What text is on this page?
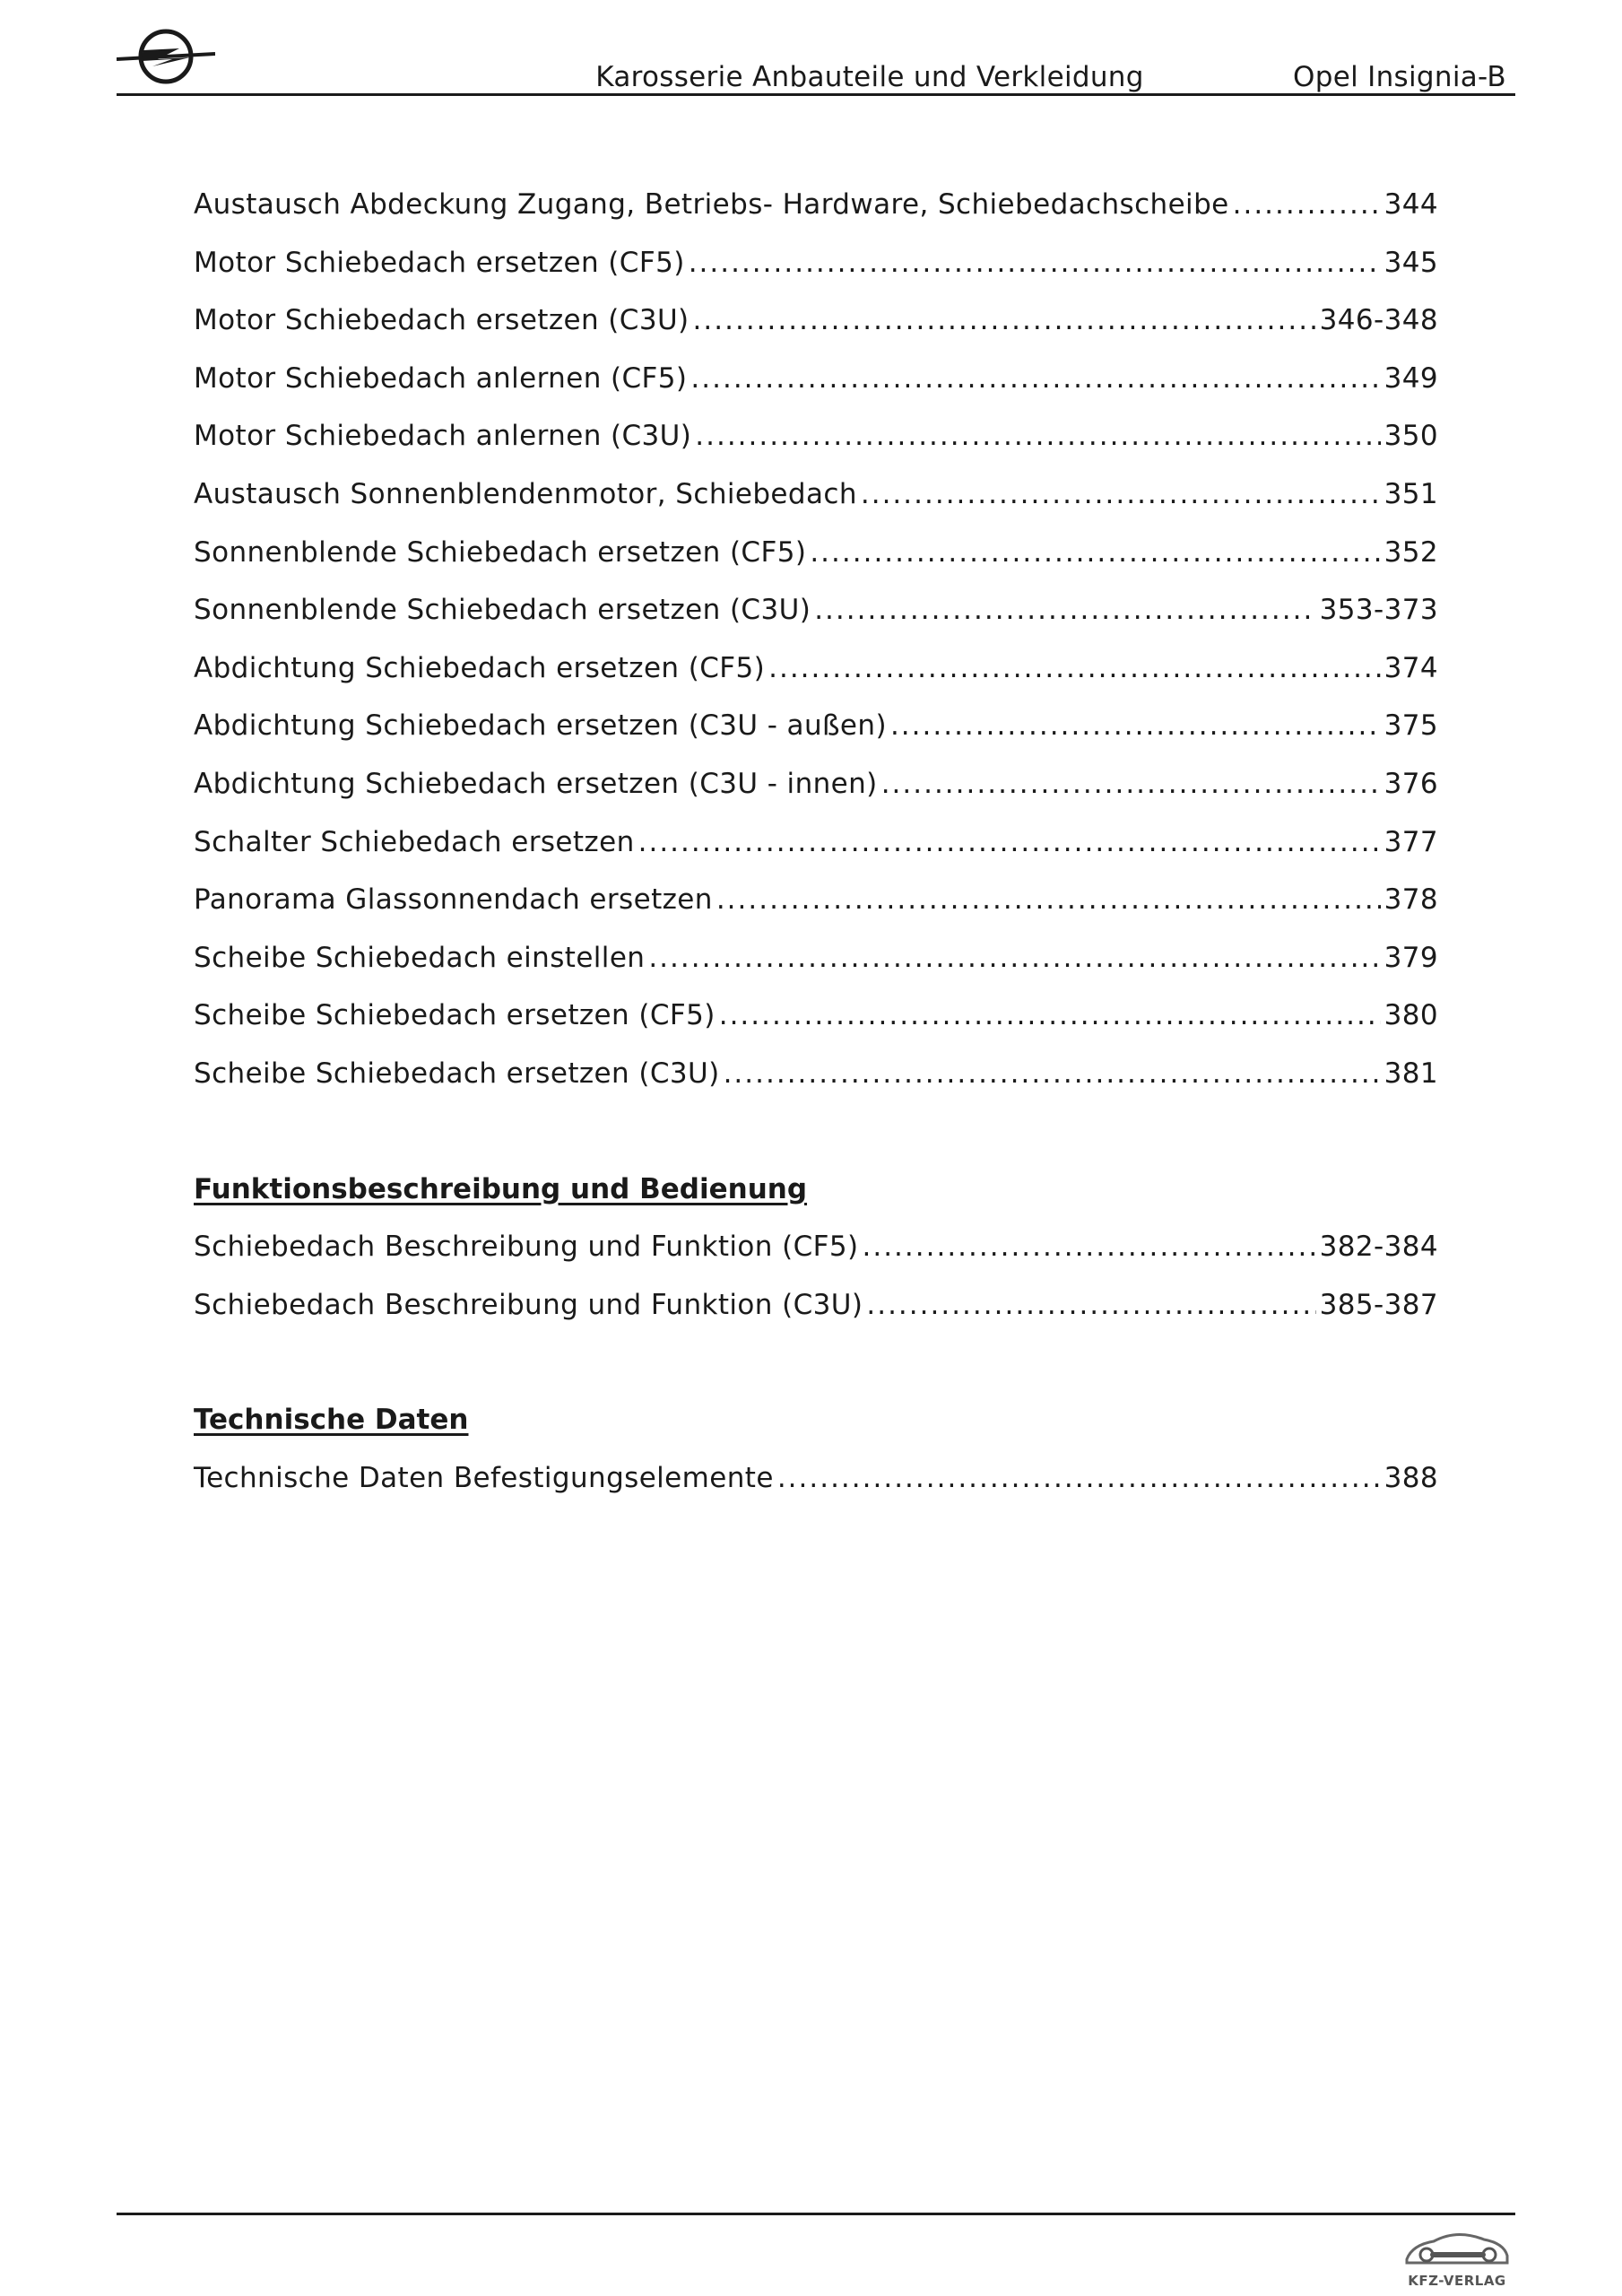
Karosserie Anbauteile und Verkleidung	Opel Insignia-B
Austausch Abdeckung Zugang, Betriebs- Hardware, Schiebedachscheibe .....	344
Motor Schiebedach ersetzen (CF5) .....	345
Motor Schiebedach ersetzen (C3U) .....	346-348
Motor Schiebedach anlernen (CF5) .....	349
Motor Schiebedach anlernen (C3U) .....	350
Austausch Sonnenblendenmotor, Schiebedach .....	351
Sonnenblende Schiebedach ersetzen (CF5) .....	352
Sonnenblende Schiebedach ersetzen (C3U) .....	353-373
Abdichtung Schiebedach ersetzen (CF5) .....	374
Abdichtung Schiebedach ersetzen (C3U - außen) .....	375
Abdichtung Schiebedach ersetzen (C3U - innen) .....	376
Schalter Schiebedach ersetzen .....	377
Panorama Glassonnendach ersetzen .....	378
Scheibe Schiebedach einstellen .....	379
Scheibe Schiebedach ersetzen (CF5) .....	380
Scheibe Schiebedach ersetzen (C3U) .....	381
Funktionsbeschreibung und Bedienung
Schiebedach Beschreibung und Funktion (CF5) .....	382-384
Schiebedach Beschreibung und Funktion (C3U) .....	385-387
Technische Daten
Technische Daten Befestigungselemente .....	388
KFZ-VERLAG
